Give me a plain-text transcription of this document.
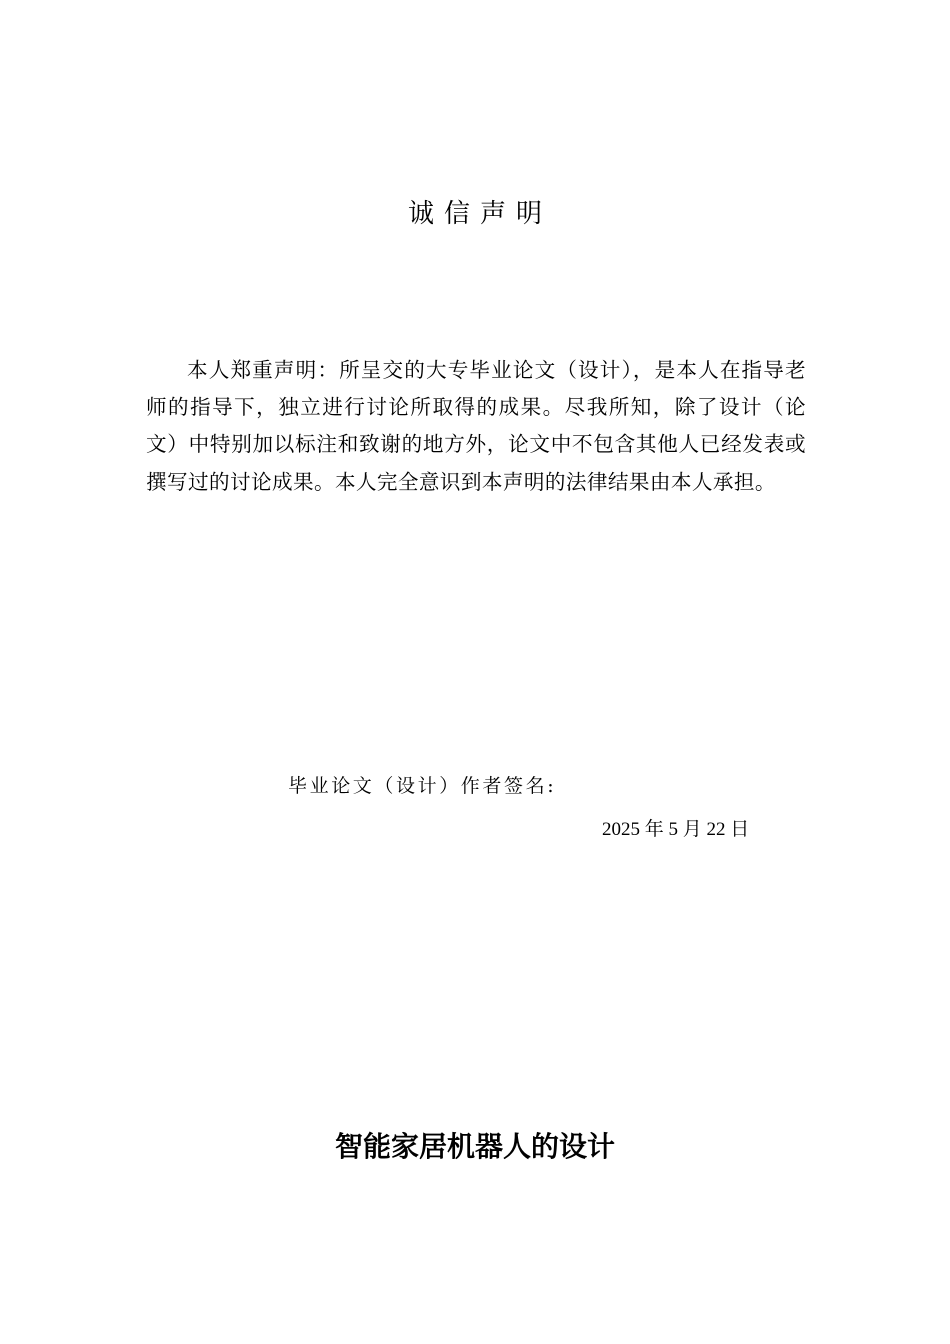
诚信声明

本人郑重声明：所呈交的大专毕业论文（设计），是本人在指导老师的指导下，独立进行讨论所取得的成果。尽我所知，除了设计（论文）中特别加以标注和致谢的地方外，论文中不包含其他人已经发表或撰写过的讨论成果。本人完全意识到本声明的法律结果由本人承担。

毕业论文（设计）作者签名:
2025 年 5 月 22 日
智能家居机器人的设计
